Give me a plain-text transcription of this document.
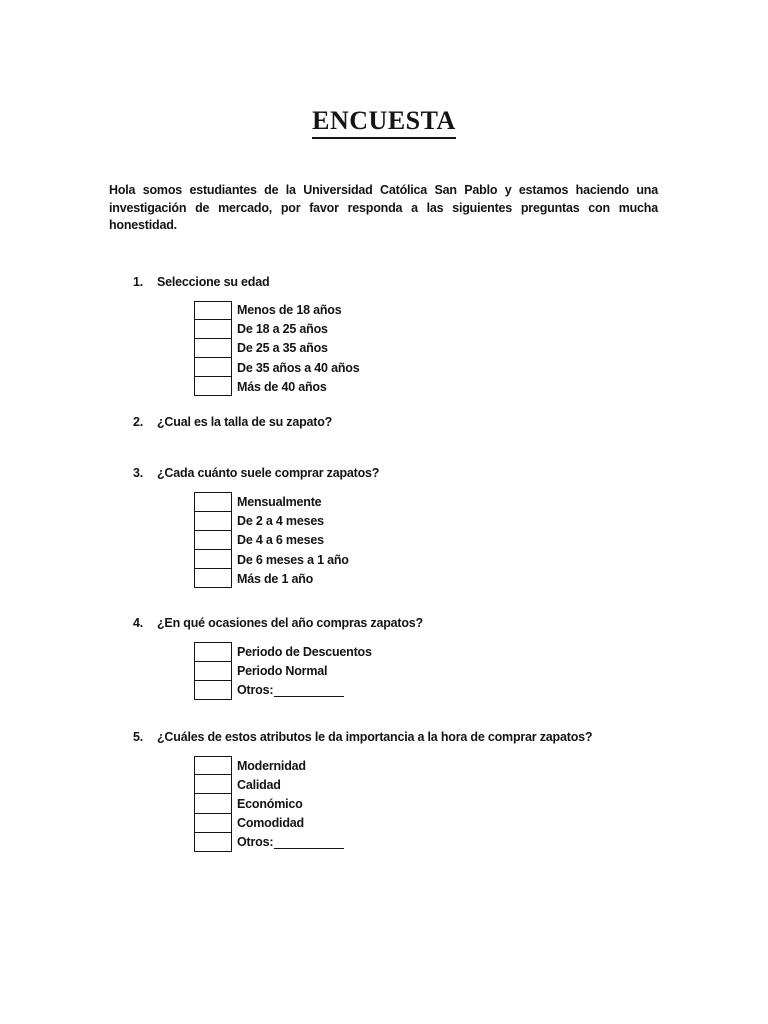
ENCUESTA
Hola somos estudiantes de la Universidad Católica San Pablo y estamos haciendo una
investigación de mercado, por favor responda a las siguientes preguntas con mucha
honestidad.
1.	Seleccione su edad
Menos de 18 años
De 18 a 25 años
De 25 a 35 años
De 35 años a 40 años
Más de 40 años
2.	¿Cual es la talla de su zapato?
3.	¿Cada cuánto suele comprar zapatos?
Mensualmente
De 2 a 4 meses
De 4 a 6 meses
De 6 meses a 1 año
Más de 1 año
4.	¿En qué ocasiones del año compras zapatos?
Periodo de Descuentos
Periodo Normal
Otros:
5.	¿Cuáles de estos atributos le da importancia a la hora de comprar zapatos?
Modernidad
Calidad
Económico
Comodidad
Otros:
